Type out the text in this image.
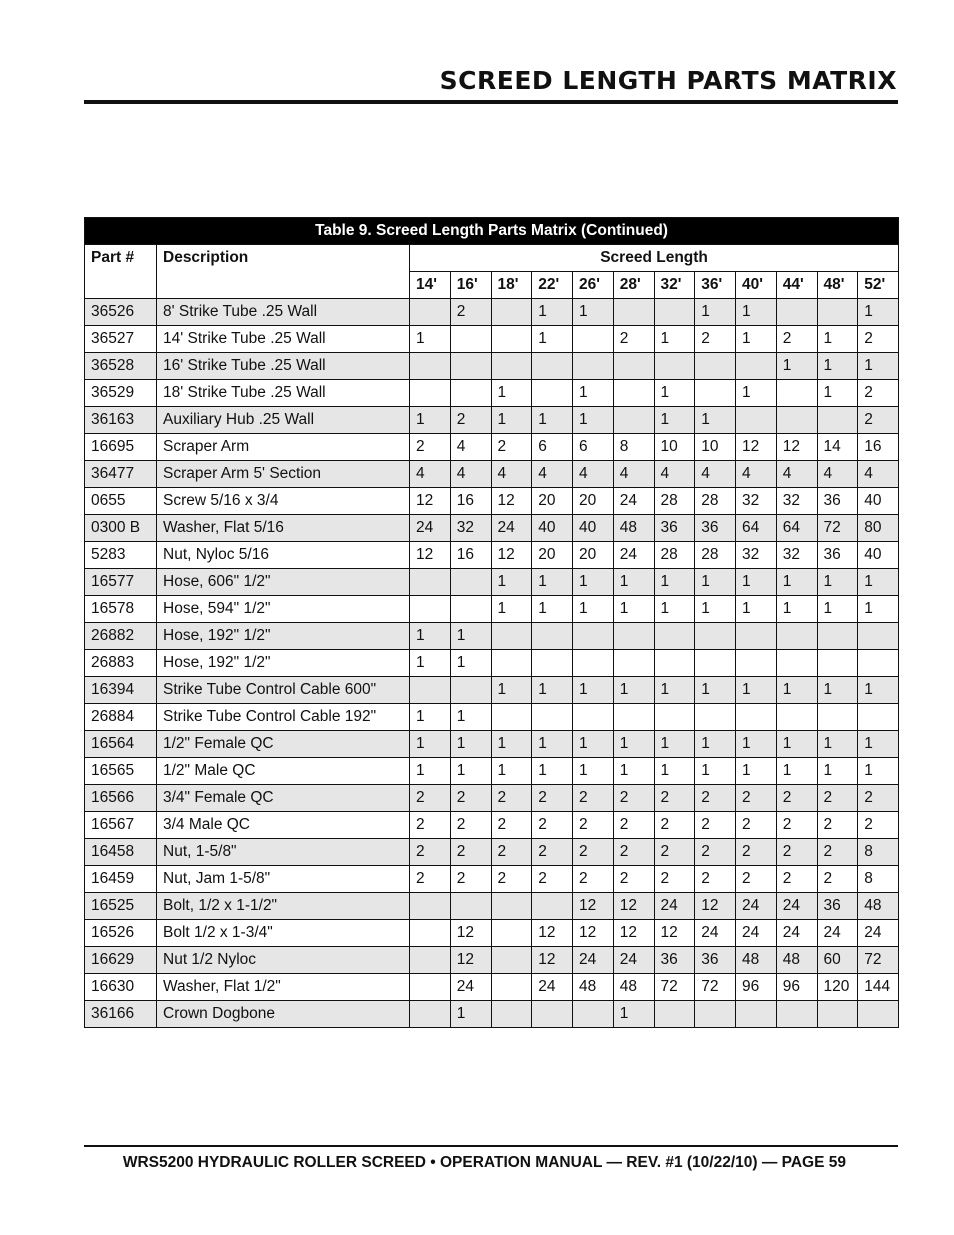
SCREED LENGTH PARTS MATRIX
Table 9. Screed Length Parts Matrix (Continued)													
Part #	Description	Screed Length											
		14'	16'	18'	22'	26'	28'	32'	36'	40'	44'	48'	52'
36526	8' Strike Tube .25 Wall		2		1	1			1	1			1
36527	14' Strike Tube .25 Wall	1			1		2	1	2	1	2	1	2
36528	16' Strike Tube .25 Wall										1	1	1
36529	18' Strike Tube .25 Wall			1		1		1		1		1	2
36163	Auxiliary Hub .25 Wall	1	2	1	1	1		1	1				2
16695	Scraper Arm	2	4	2	6	6	8	10	10	12	12	14	16
36477	Scraper Arm 5' Section	4	4	4	4	4	4	4	4	4	4	4	4
0655	Screw 5/16 x 3/4	12	16	12	20	20	24	28	28	32	32	36	40
0300 B	Washer, Flat 5/16	24	32	24	40	40	48	36	36	64	64	72	80
5283	Nut, Nyloc 5/16	12	16	12	20	20	24	28	28	32	32	36	40
16577	Hose, 606" 1/2"			1	1	1	1	1	1	1	1	1	1
16578	Hose, 594" 1/2"			1	1	1	1	1	1	1	1	1	1
26882	Hose, 192" 1/2"	1	1										
26883	Hose, 192" 1/2"	1	1										
16394	Strike Tube Control Cable 600"			1	1	1	1	1	1	1	1	1	1
26884	Strike Tube Control Cable 192"	1	1										
16564	1/2" Female QC	1	1	1	1	1	1	1	1	1	1	1	1
16565	1/2" Male QC	1	1	1	1	1	1	1	1	1	1	1	1
16566	3/4" Female QC	2	2	2	2	2	2	2	2	2	2	2	2
16567	3/4 Male QC	2	2	2	2	2	2	2	2	2	2	2	2
16458	Nut, 1-5/8"	2	2	2	2	2	2	2	2	2	2	2	8
16459	Nut, Jam 1-5/8"	2	2	2	2	2	2	2	2	2	2	2	8
16525	Bolt, 1/2 x 1-1/2"					12	12	24	12	24	24	36	48
16526	Bolt 1/2 x 1-3/4"		12		12	12	12	12	24	24	24	24	24
16629	Nut 1/2 Nyloc		12		12	24	24	36	36	48	48	60	72
16630	Washer, Flat 1/2"		24		24	48	48	72	72	96	96	120	144
36166	Crown Dogbone		1				1						
WRS5200 HYDRAULIC ROLLER SCREED • OPERATION MANUAL — REV. #1 (10/22/10) — PAGE 59
